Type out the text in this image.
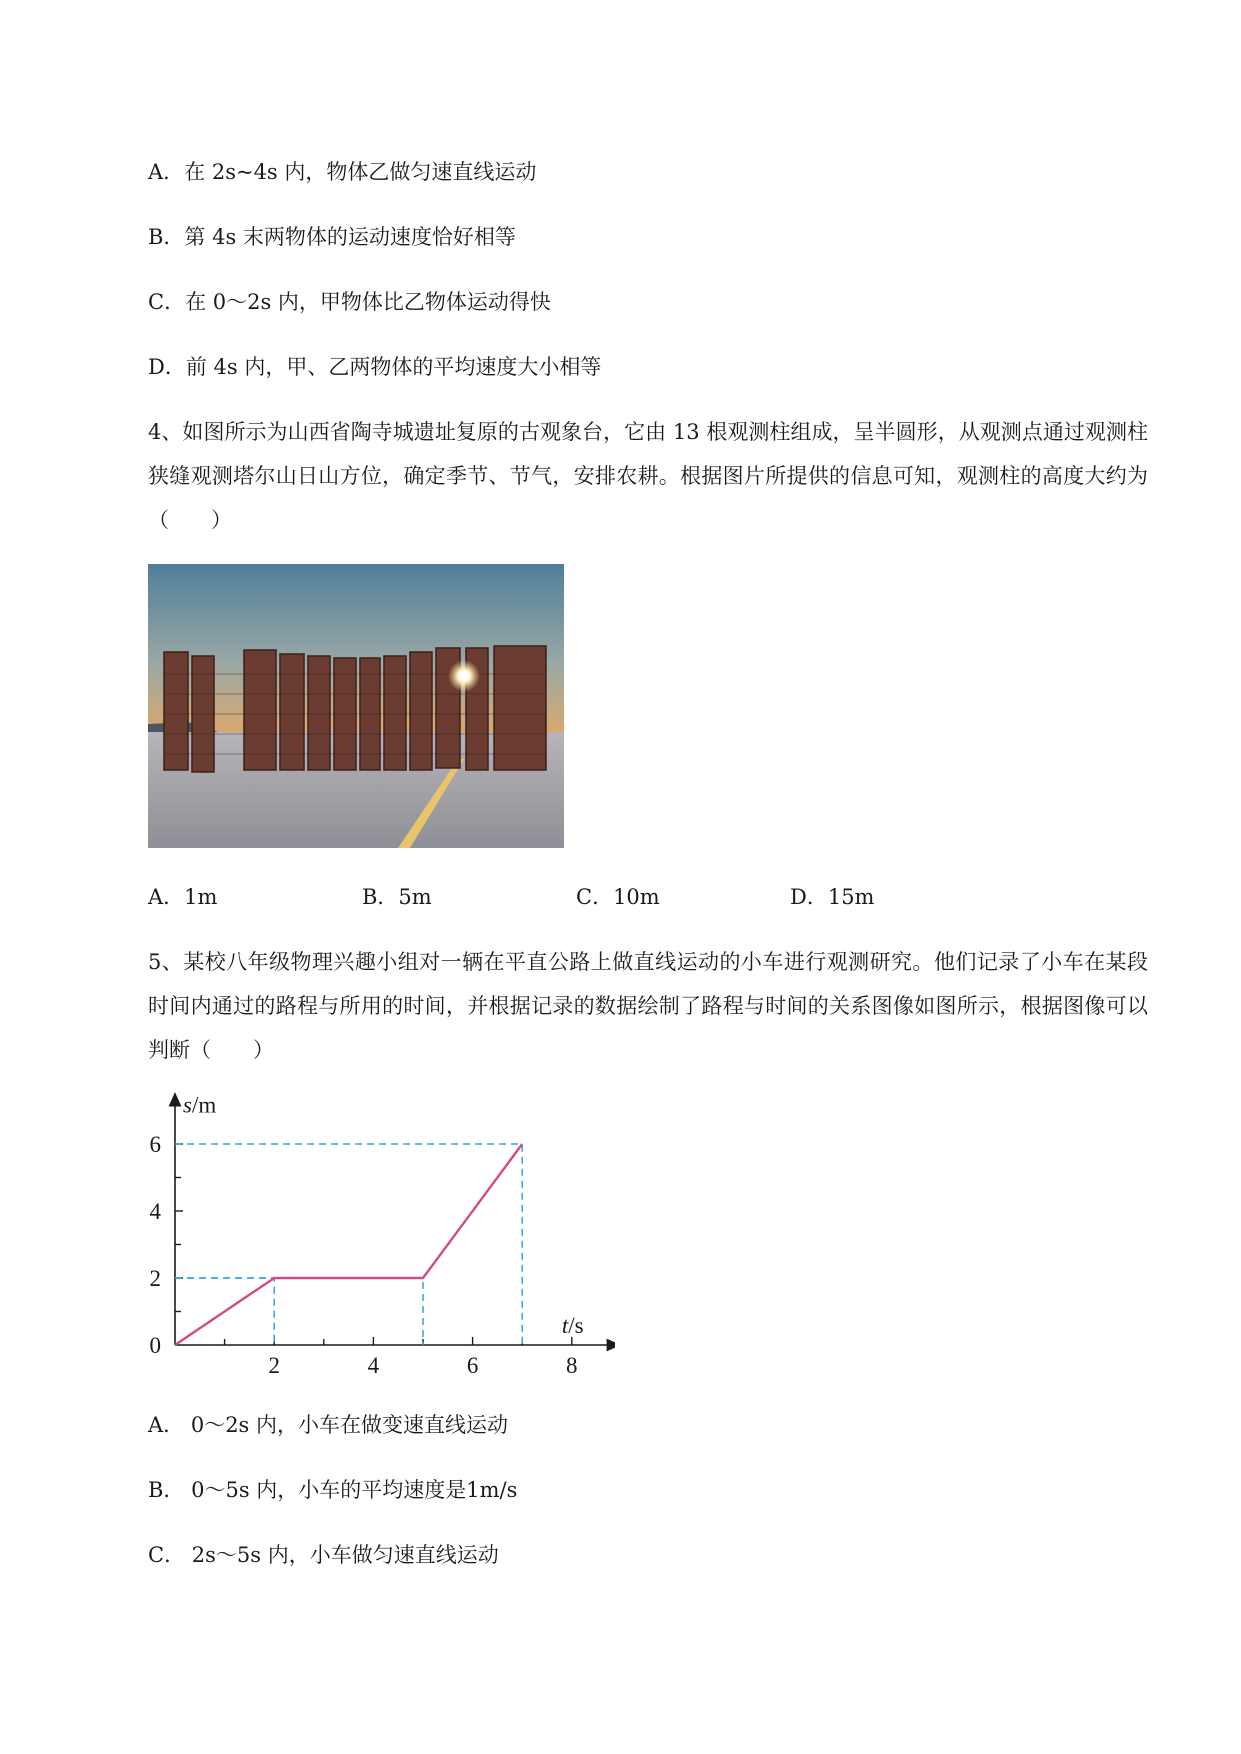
A．在 2s~4s 内，物体乙做匀速直线运动
B．第 4s 末两物体的运动速度恰好相等
C．在 0～2s 内，甲物体比乙物体运动得快
D．前 4s 内，甲、乙两物体的平均速度大小相等
4、如图所示为山西省陶寺城遗址复原的古观象台，它由 13 根观测柱组成，呈半圆形，从观测点通过观测柱狭缝观测塔尔山日山方位，确定季节、节气，安排农耕。根据图片所提供的信息可知，观测柱的高度大约为（　　）
A．1m	B．5m	C．10m	D．15m
5、某校八年级物理兴趣小组对一辆在平直公路上做直线运动的小车进行观测研究。他们记录了小车在某段时间内通过的路程与所用的时间，并根据记录的数据绘制了路程与时间的关系图像如图所示，根据图像可以判断（　　）
2	4	6	8
2
4
6
0
s/m
t/s
A． 0～2s 内，小车在做变速直线运动
B． 0～5s 内，小车的平均速度是1m/s
C． 2s～5s 内，小车做匀速直线运动
